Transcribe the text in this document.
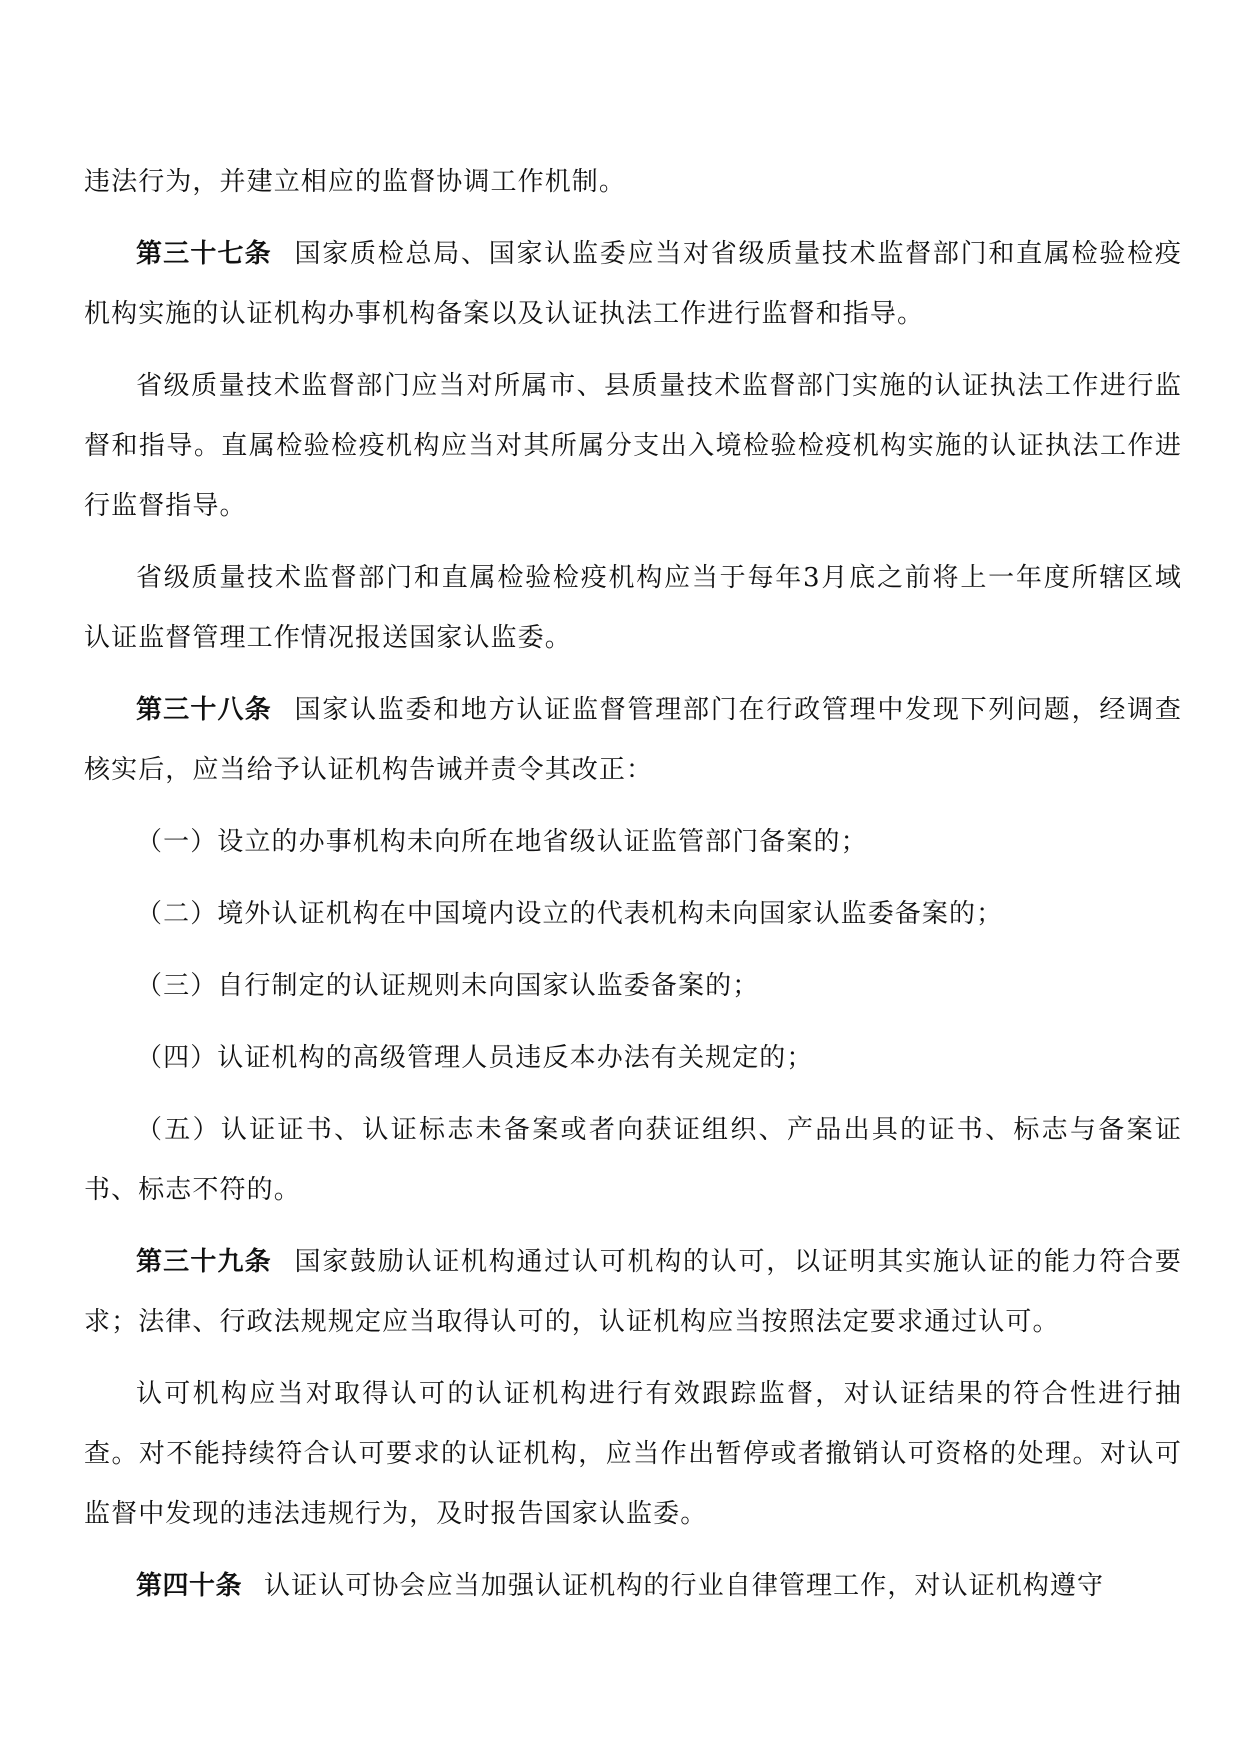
违法行为，并建立相应的监督协调工作机制。

第三十七条 国家质检总局、国家认监委应当对省级质量技术监督部门和直属检验检疫机构实施的认证机构办事机构备案以及认证执法工作进行监督和指导。

省级质量技术监督部门应当对所属市、县质量技术监督部门实施的认证执法工作进行监督和指导。直属检验检疫机构应当对其所属分支出入境检验检疫机构实施的认证执法工作进行监督指导。

省级质量技术监督部门和直属检验检疫机构应当于每年3月底之前将上一年度所辖区域认证监督管理工作情况报送国家认监委。

第三十八条 国家认监委和地方认证监督管理部门在行政管理中发现下列问题，经调查核实后，应当给予认证机构告诫并责令其改正：

（一）设立的办事机构未向所在地省级认证监管部门备案的；

（二）境外认证机构在中国境内设立的代表机构未向国家认监委备案的；

（三）自行制定的认证规则未向国家认监委备案的；

（四）认证机构的高级管理人员违反本办法有关规定的；

（五）认证证书、认证标志未备案或者向获证组织、产品出具的证书、标志与备案证书、标志不符的。

第三十九条 国家鼓励认证机构通过认可机构的认可，以证明其实施认证的能力符合要求；法律、行政法规规定应当取得认可的，认证机构应当按照法定要求通过认可。

认可机构应当对取得认可的认证机构进行有效跟踪监督，对认证结果的符合性进行抽查。对不能持续符合认可要求的认证机构，应当作出暂停或者撤销认可资格的处理。对认可监督中发现的违法违规行为，及时报告国家认监委。

第四十条 认证认可协会应当加强认证机构的行业自律管理工作，对认证机构遵守
